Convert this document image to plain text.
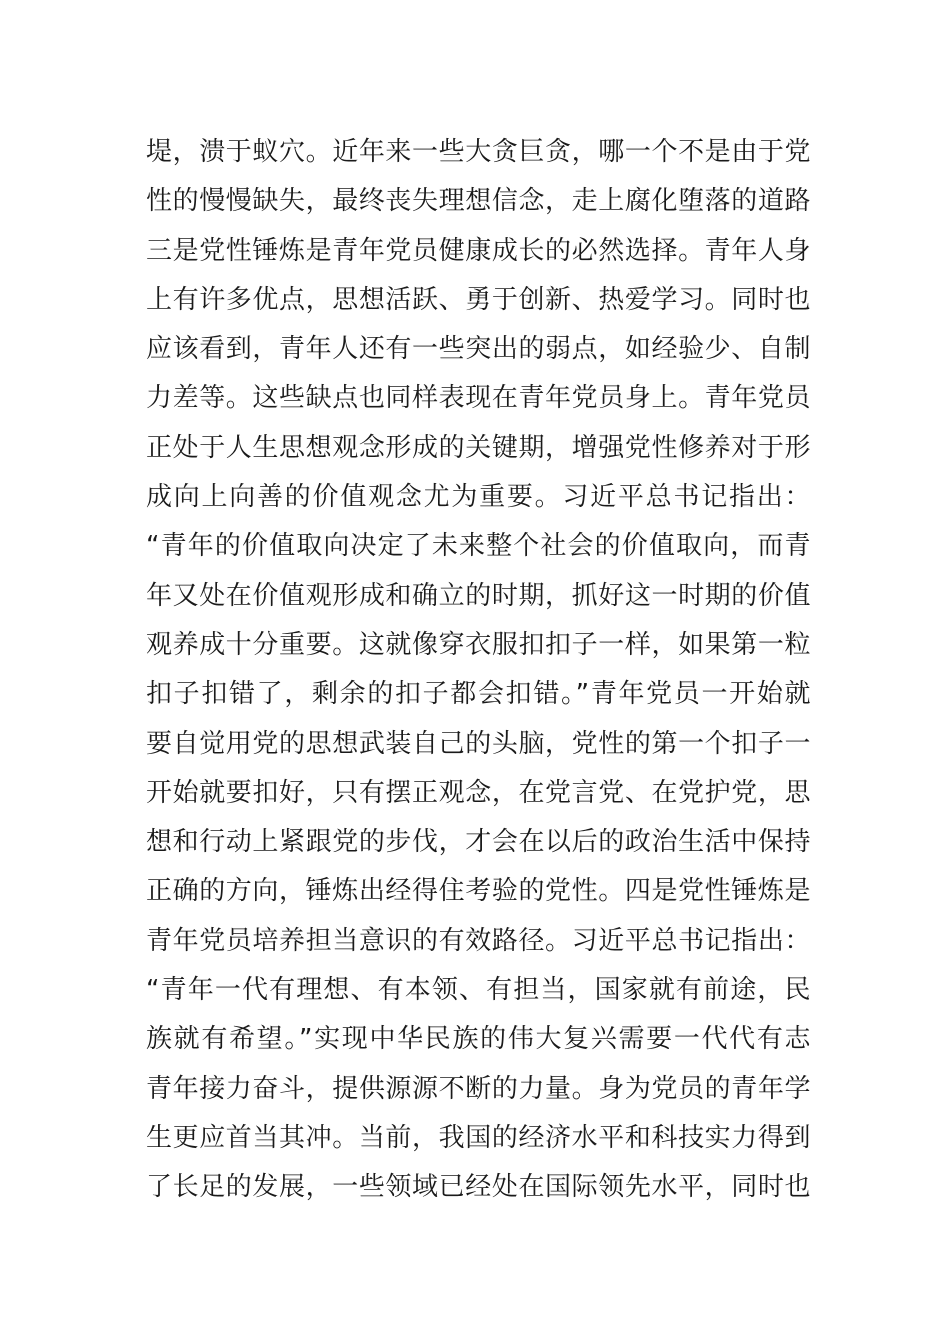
堤，溃于蚁穴。近年来一些大贪巨贪，哪一个不是由于党
性的慢慢缺失，最终丧失理想信念，走上腐化堕落的道路
三是党性锤炼是青年党员健康成长的必然选择。青年人身
上有许多优点，思想活跃、勇于创新、热爱学习。同时也
应该看到，青年人还有一些突出的弱点，如经验少、自制
力差等。这些缺点也同样表现在青年党员身上。青年党员
正处于人生思想观念形成的关键期，增强党性修养对于形
成向上向善的价值观念尤为重要。习近平总书记指出：
“青年的价值取向决定了未来整个社会的价值取向，而青
年又处在价值观形成和确立的时期，抓好这一时期的价值
观养成十分重要。这就像穿衣服扣扣子一样，如果第一粒
扣子扣错了，剩余的扣子都会扣错。”青年党员一开始就
要自觉用党的思想武装自己的头脑，党性的第一个扣子一
开始就要扣好，只有摆正观念，在党言党、在党护党，思
想和行动上紧跟党的步伐，才会在以后的政治生活中保持
正确的方向，锤炼出经得住考验的党性。四是党性锤炼是
青年党员培养担当意识的有效路径。习近平总书记指出：
“青年一代有理想、有本领、有担当，国家就有前途，民
族就有希望。”实现中华民族的伟大复兴需要一代代有志
青年接力奋斗，提供源源不断的力量。身为党员的青年学
生更应首当其冲。当前，我国的经济水平和科技实力得到
了长足的发展，一些领域已经处在国际领先水平，同时也
